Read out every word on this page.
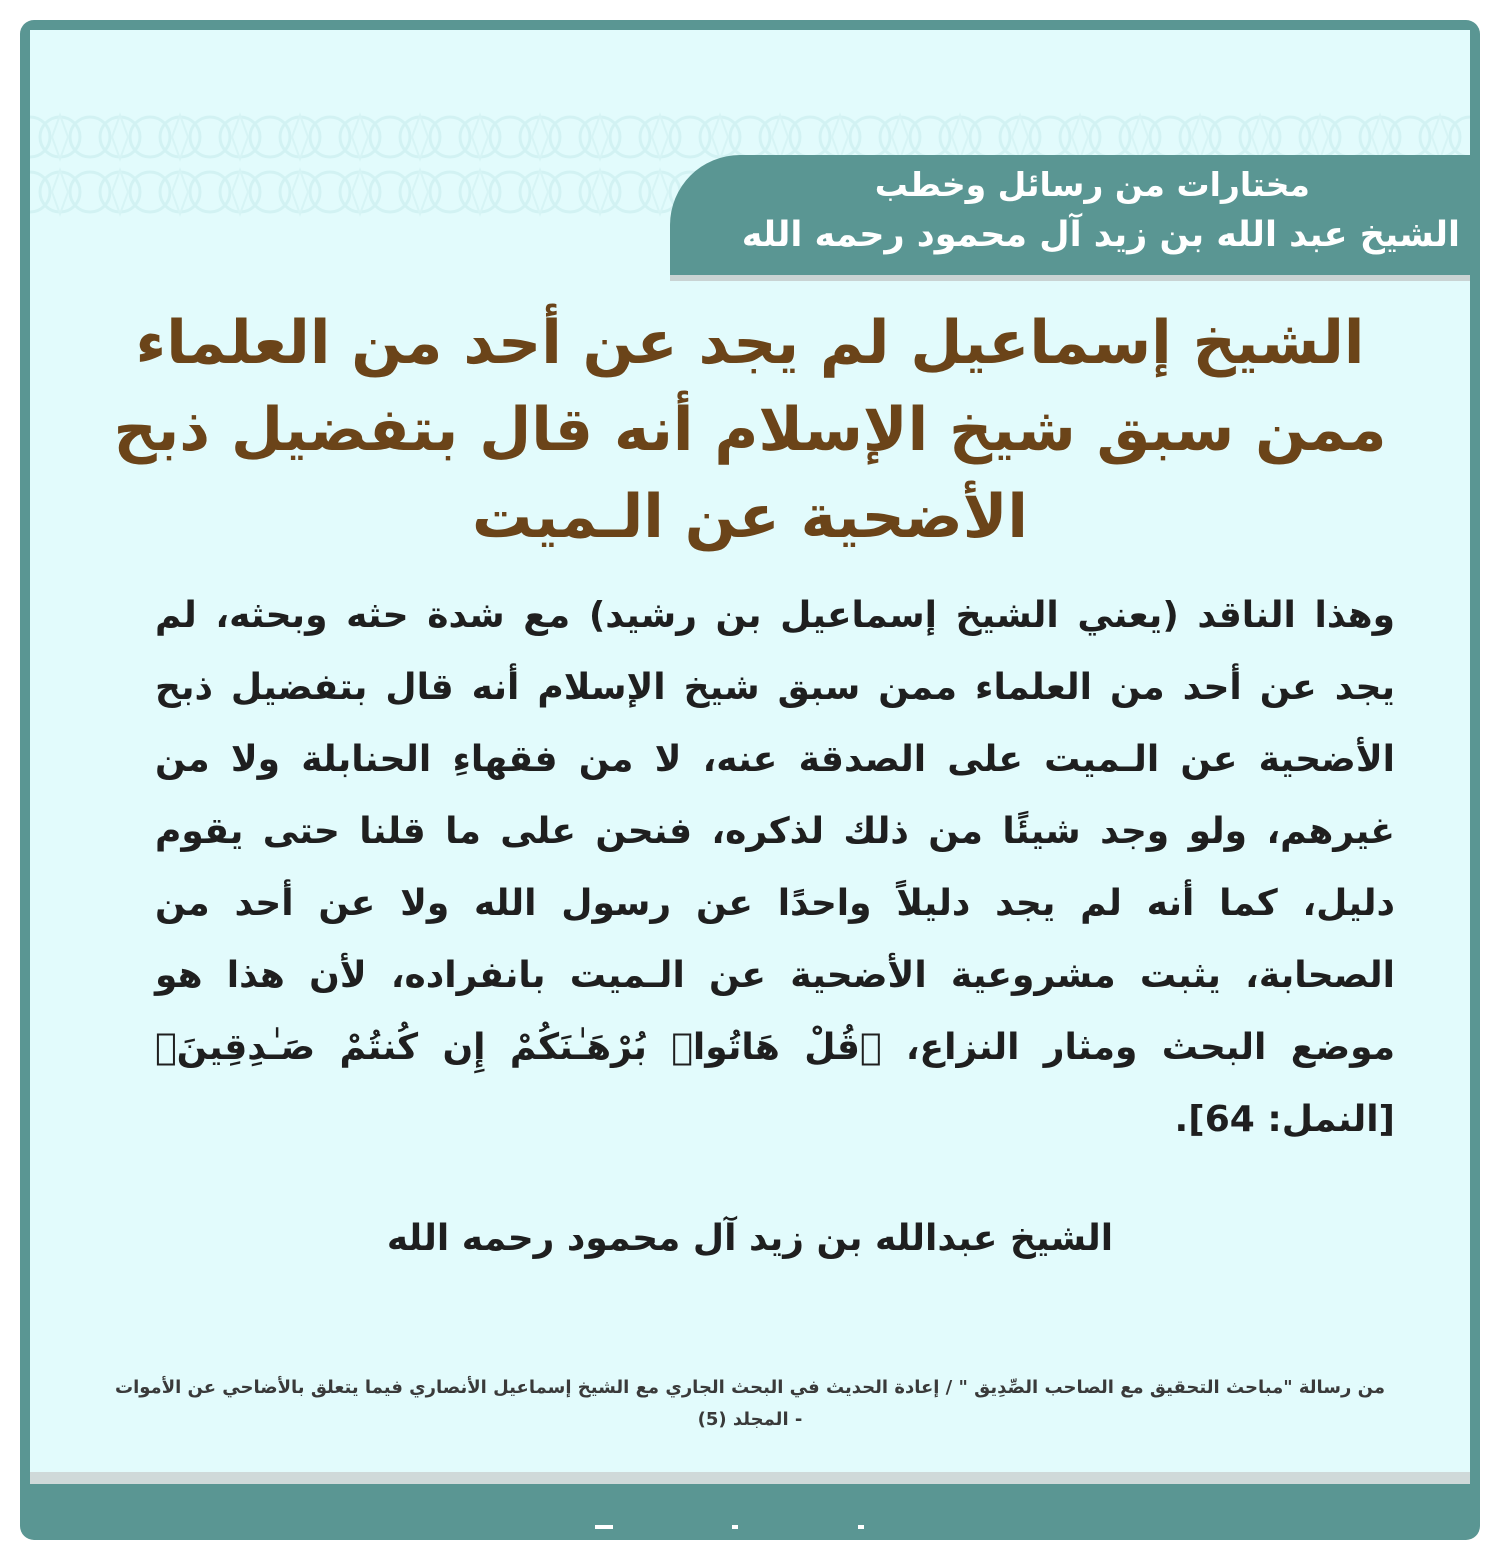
مختارات من رسائل وخطب
الشيخ عبد الله بن زيد آل محمود رحمه الله
الشيخ إسماعيل لم يجد عن أحد من العلماء ممن سبق شيخ الإسلام أنه قال بتفضيل ذبح الأضحية عن الـميت

وهذا الناقد (يعني الشيخ إسماعيل بن رشيد) مع شدة حثه وبحثه، لم يجد عن أحد من العلماء ممن سبق شيخ الإسلام أنه قال بتفضيل ذبح الأضحية عن الـميت على الصدقة عنه، لا من فقهاءِ الحنابلة ولا من غيرهم، ولو وجد شيئًا من ذلك لذكره، فنحن على ما قلنا حتى يقوم دليل، كما أنه لم يجد دليلاً واحدًا عن رسول الله ولا عن أحد من الصحابة، يثبت مشروعية الأضحية عن الـميت بانفراده، لأن هذا هو موضع البحث ومثار النزاع، ﴿قُلْ هَاتُوا۟ بُرْهَـٰنَكُمْ إِن كُنتُمْ صَـٰدِقِينَ﴾ [النمل: 64].

الشيخ عبدالله بن زيد آل محمود رحمه الله

من رسالة "مباحث التحقيق مع الصاحب الصِّدِيق " / إعادة الحديث في البحث الجاري مع الشيخ إسماعيل الأنصاري فيما يتعلق بالأضاحي عن الأموات - المجلد (5)
